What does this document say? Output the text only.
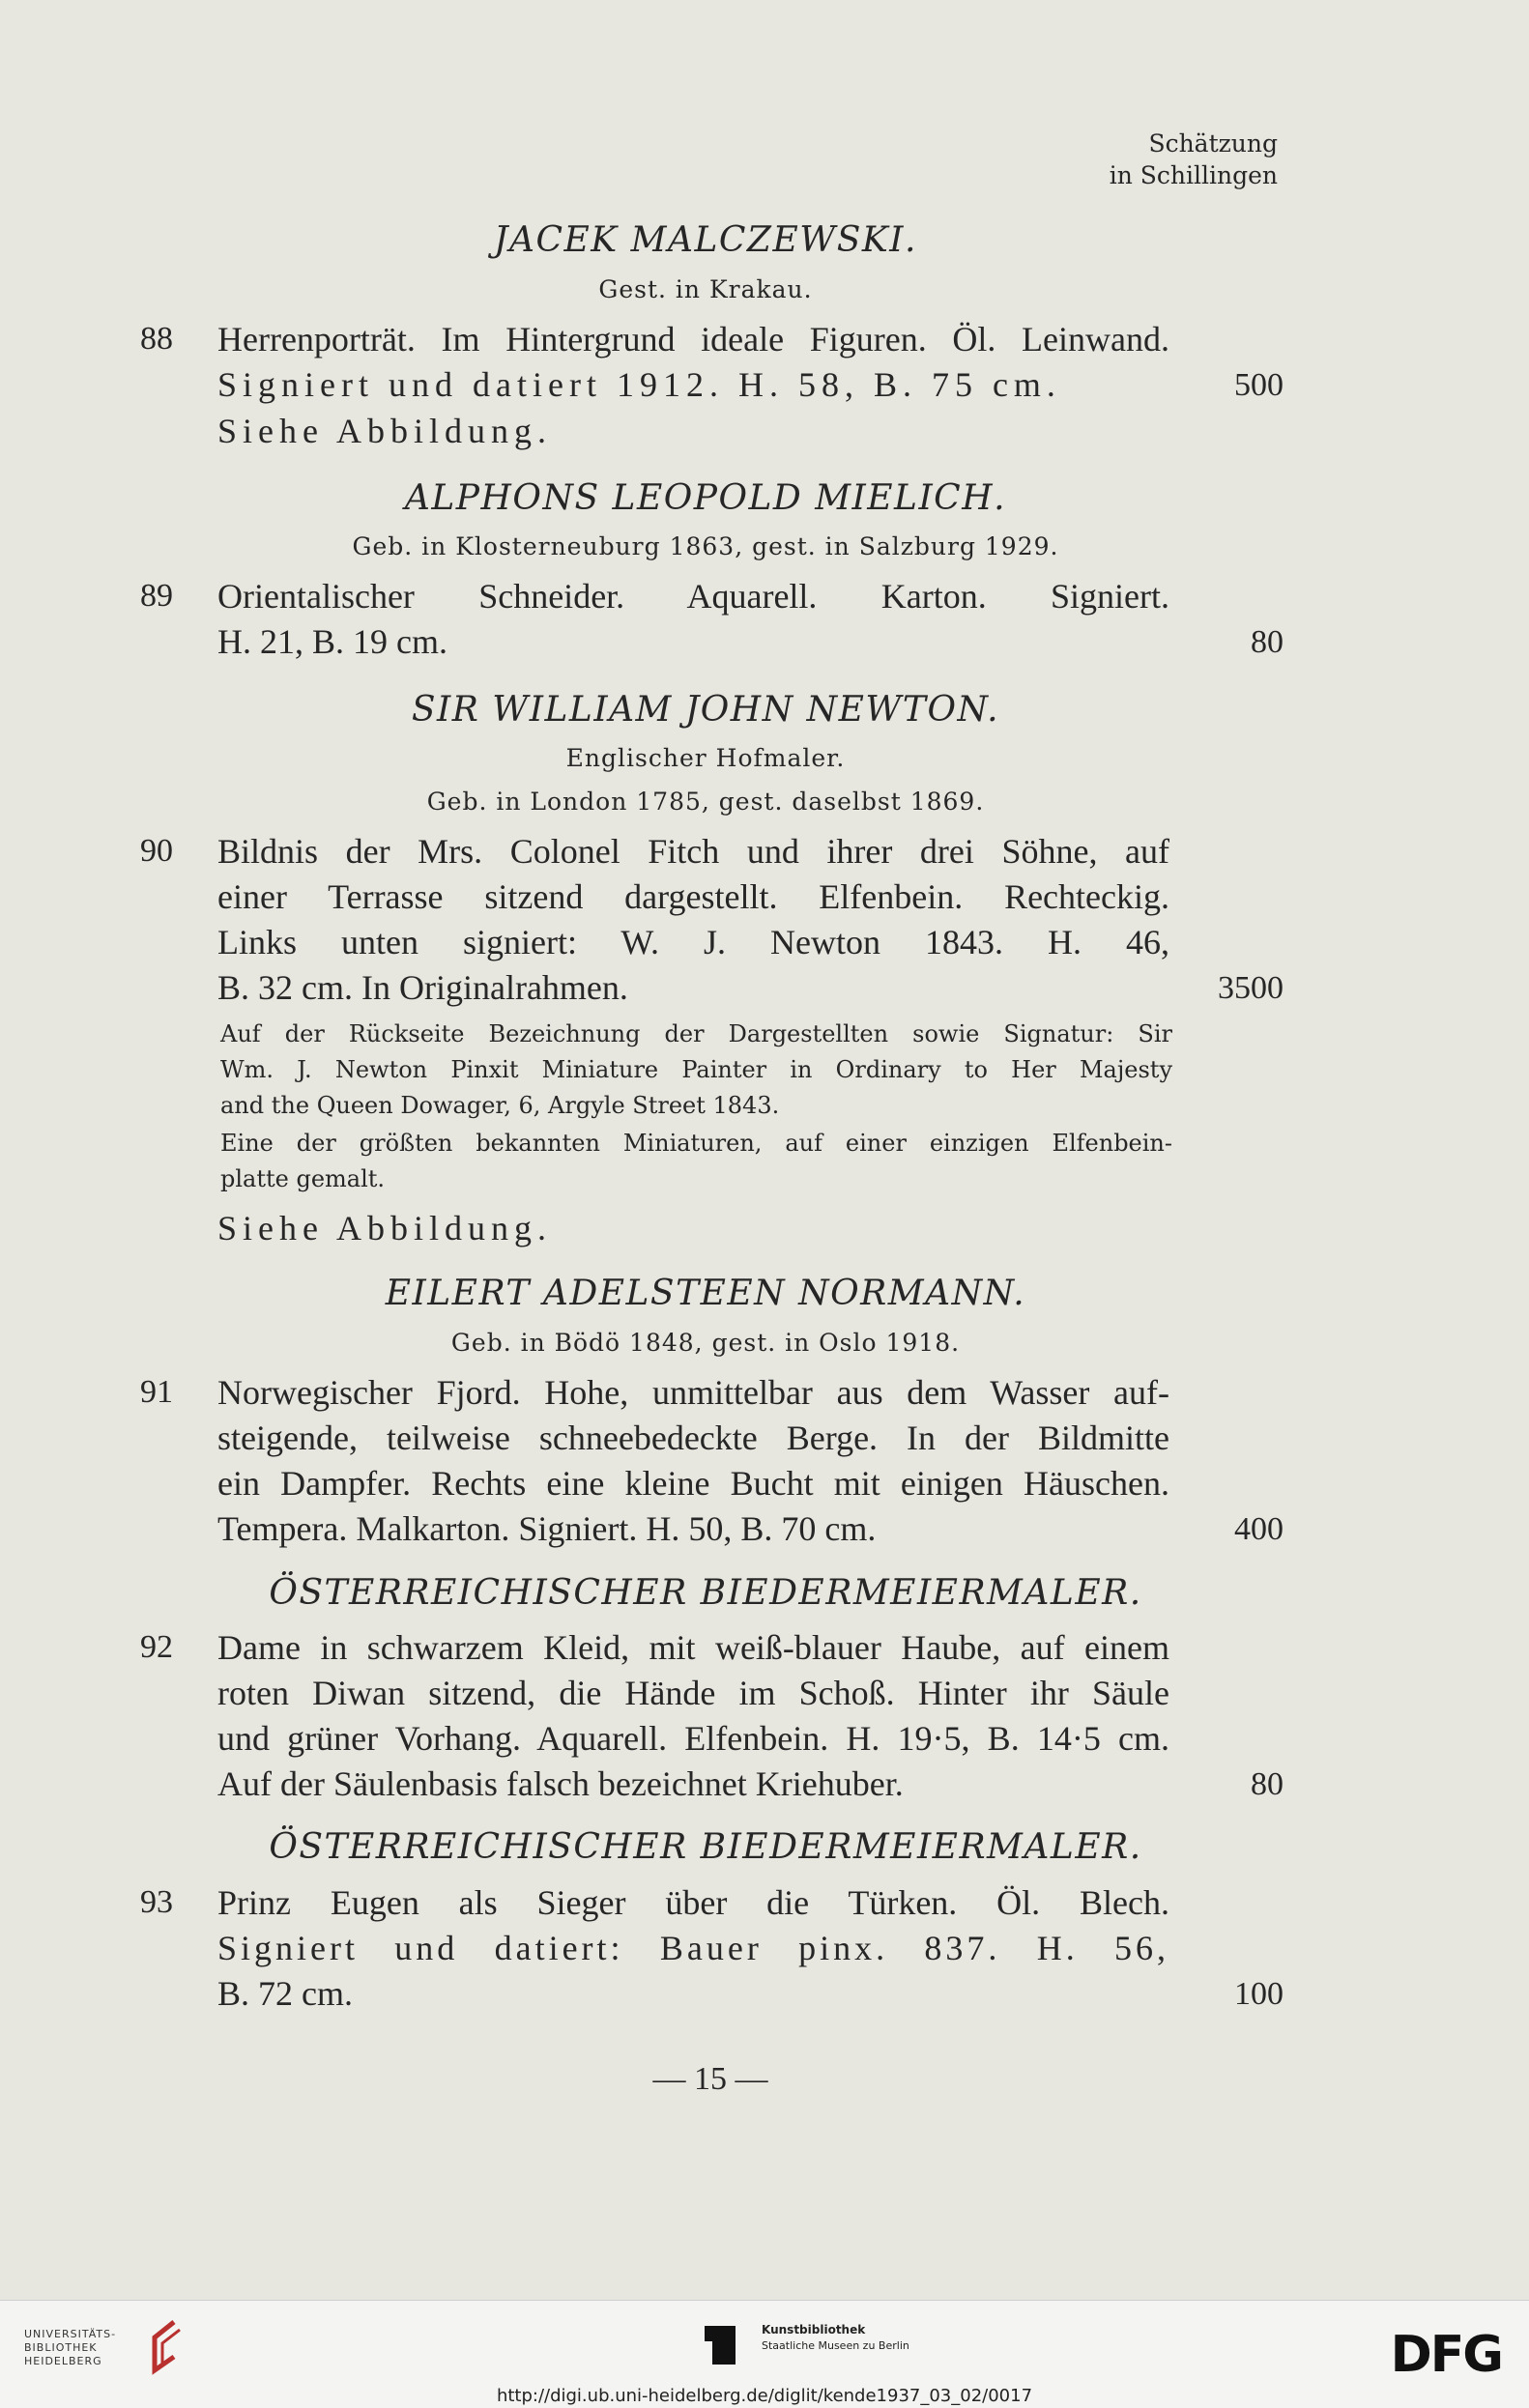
Schätzung
in Schillingen
JACEK MALCZEWSKI.
Gest. in Krakau.
88	Herrenporträt. Im Hintergrund ideale Figuren. Öl. Leinwand.
Signiert und datiert 1912. H. 58, B. 75 cm.	500
Siehe Abbildung.
ALPHONS LEOPOLD MIELICH.
Geb. in Klosterneuburg 1863, gest. in Salzburg 1929.
89	Orientalischer Schneider. Aquarell. Karton. Signiert.
H. 21, B. 19 cm.	80
SIR WILLIAM JOHN NEWTON.
Englischer Hofmaler.
Geb. in London 1785, gest. daselbst 1869.
90	Bildnis der Mrs. Colonel Fitch und ihrer drei Söhne, auf
einer Terrasse sitzend dargestellt. Elfenbein. Rechteckig.
Links unten signiert: W. J. Newton 1843. H. 46,
B. 32 cm. In Originalrahmen.	3500
Auf der Rückseite Bezeichnung der Dargestellten sowie Signatur: Sir
Wm. J. Newton Pinxit Miniature Painter in Ordinary to Her Majesty
and the Queen Dowager, 6, Argyle Street 1843.
Eine der größten bekannten Miniaturen, auf einer einzigen Elfenbein-
platte gemalt.
Siehe Abbildung.
EILERT ADELSTEEN NORMANN.
Geb. in Bödö 1848, gest. in Oslo 1918.
91	Norwegischer Fjord. Hohe, unmittelbar aus dem Wasser auf-
steigende, teilweise schneebedeckte Berge. In der Bildmitte
ein Dampfer. Rechts eine kleine Bucht mit einigen Häuschen.
Tempera. Malkarton. Signiert. H. 50, B. 70 cm.	400
ÖSTERREICHISCHER BIEDERMEIERMALER.
92	Dame in schwarzem Kleid, mit weiß-blauer Haube, auf einem
roten Diwan sitzend, die Hände im Schoß. Hinter ihr Säule
und grüner Vorhang. Aquarell. Elfenbein. H. 19·5, B. 14·5 cm.
Auf der Säulenbasis falsch bezeichnet Kriehuber.	80
ÖSTERREICHISCHER BIEDERMEIERMALER.
93	Prinz Eugen als Sieger über die Türken. Öl. Blech.
Signiert und datiert: Bauer pinx. 837. H. 56,
B. 72 cm.	100
— 15 —
UNIVERSITÄTS-
BIBLIOTHEK
HEIDELBERG
Kunstbibliothek
Staatliche Museen zu Berlin	DFG
http://digi.ub.uni-heidelberg.de/diglit/kende1937_03_02/0017
